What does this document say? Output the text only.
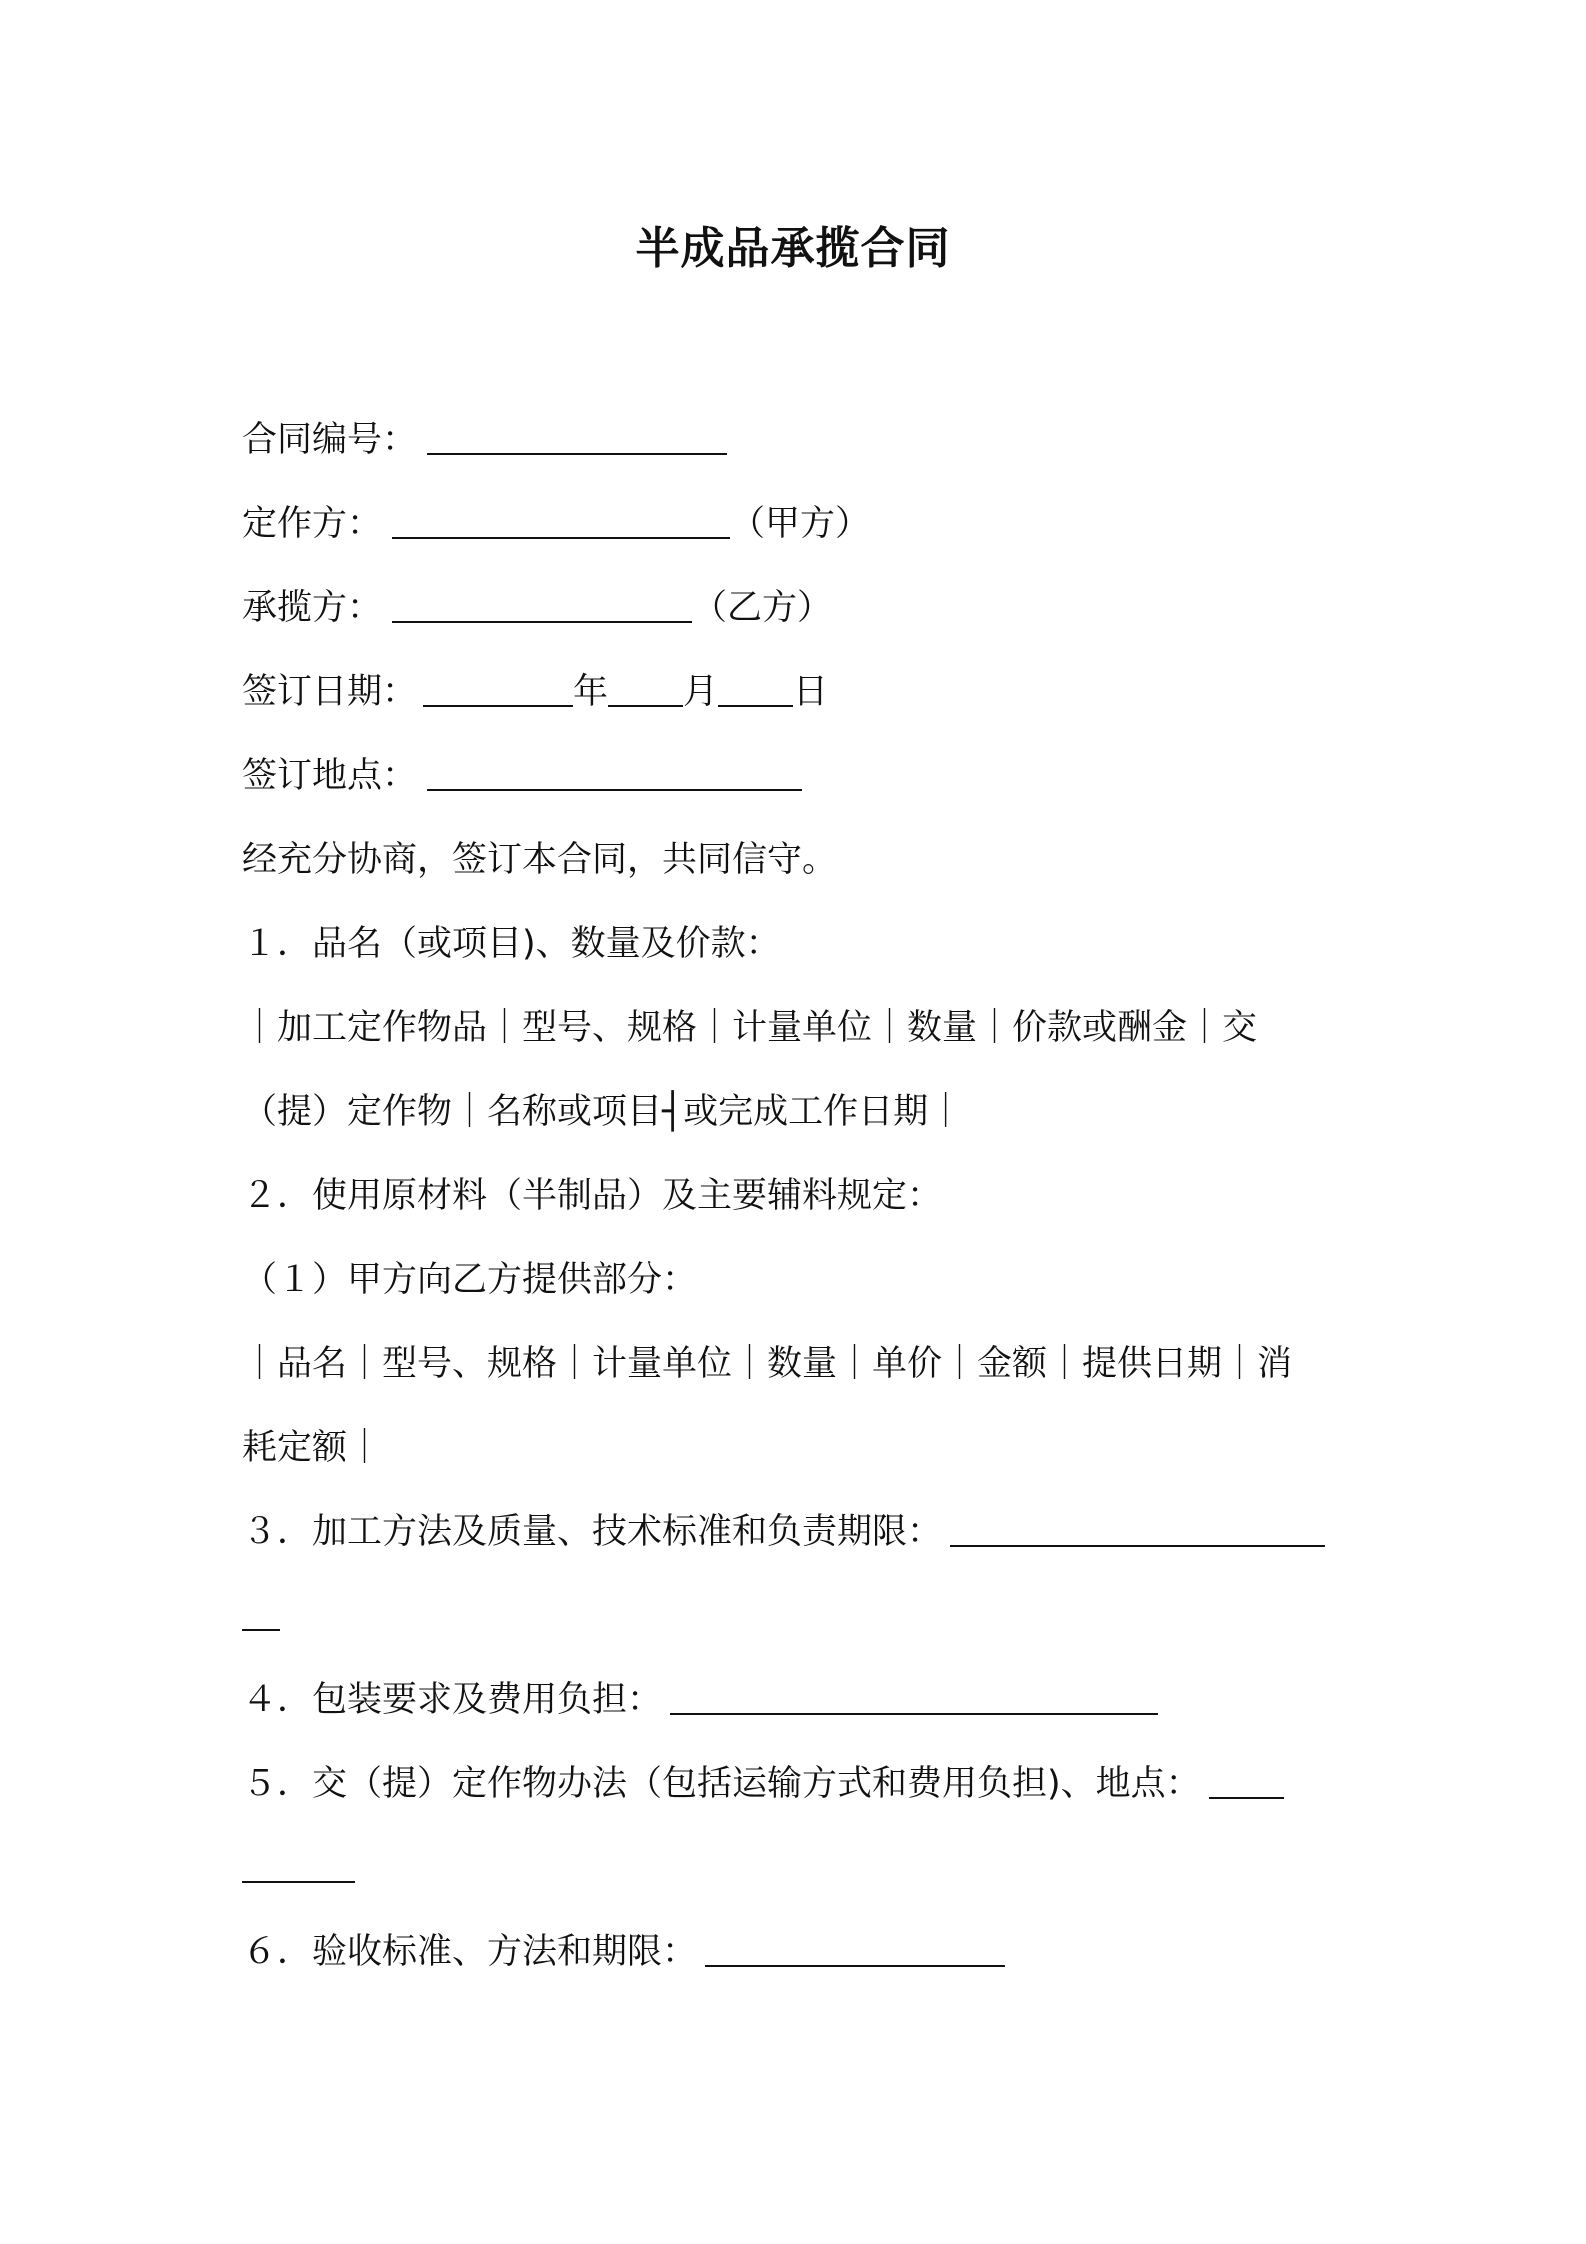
半成品承揽合同
合同编号：
定作方：	（甲方）
承揽方：	（乙方）
签订日期：	年 月 日
签订地点：
经充分协商，签订本合同，共同信守。
１．品名（或项目)、数量及价款：
｜加工定作物品｜型号、规格｜计量单位｜数量｜价款或酬金｜交
（提）定作物｜名称或项目┤或完成工作日期｜
２．使用原材料（半制品）及主要辅料规定：
（１）甲方向乙方提供部分：
｜品名｜型号、规格｜计量单位｜数量｜单价｜金额｜提供日期｜消
耗定额｜
３．加工方法及质量、技术标准和负责期限：
４．包装要求及费用负担：
５．交（提）定作物办法（包括运输方式和费用负担)、地点：
６．验收标准、方法和期限：
